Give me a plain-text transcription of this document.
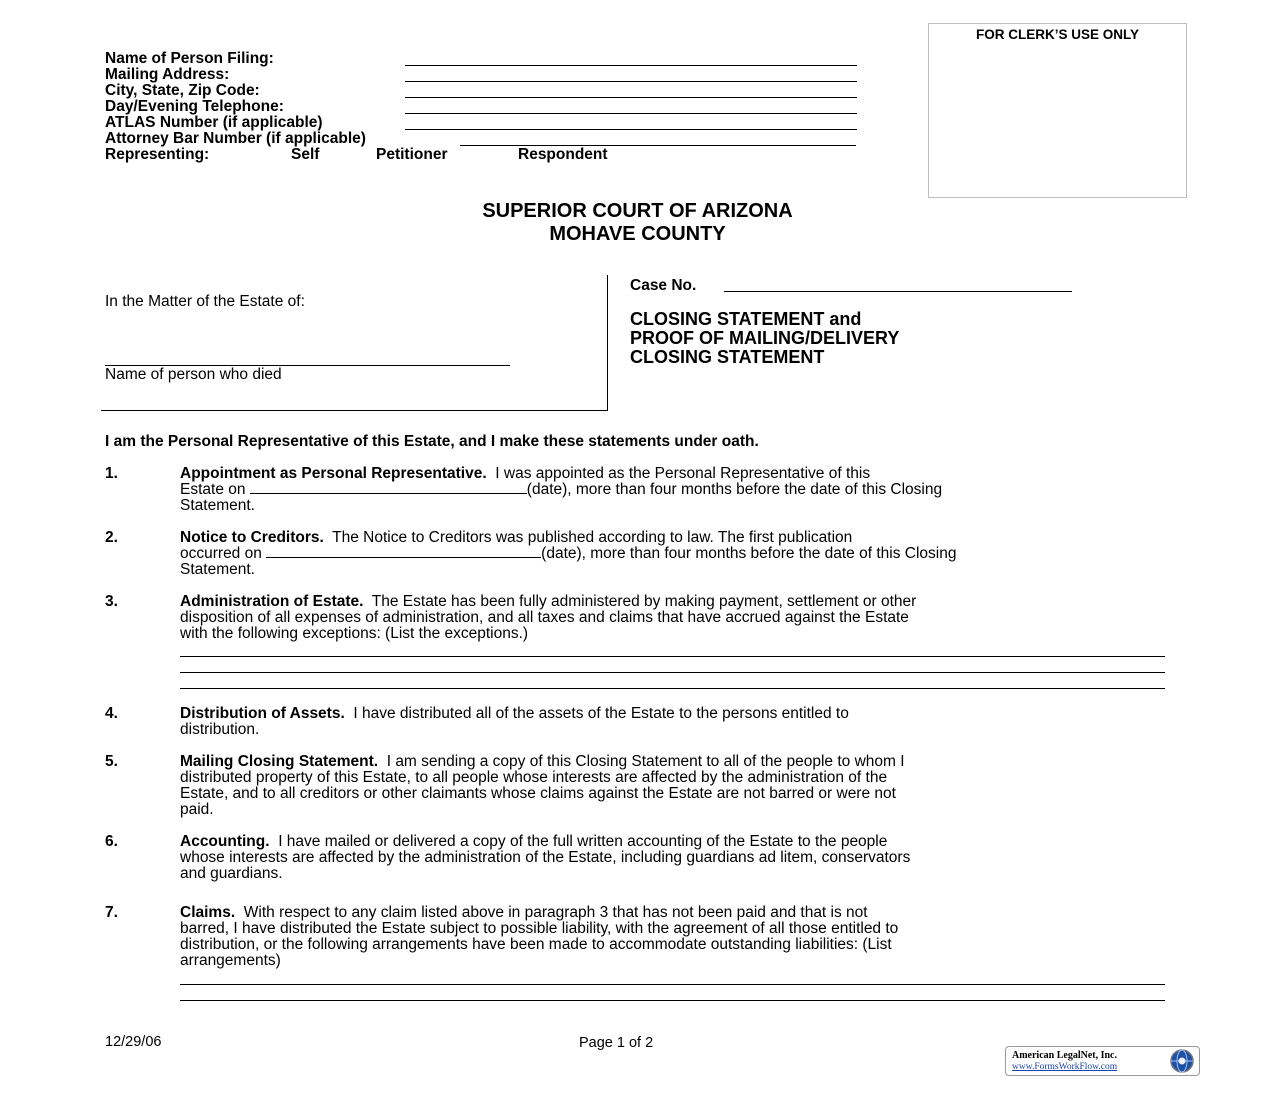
Name of Person Filing:
Mailing Address:
City, State, Zip Code:
Day/Evening Telephone:
ATLAS Number (if applicable)
Attorney Bar Number (if applicable)
Representing:	Self	Petitioner	Respondent
FOR CLERK’S USE ONLY
SUPERIOR COURT OF ARIZONA
MOHAVE COUNTY
In the Matter of the Estate of:
Name of person who died
Case No.
CLOSING STATEMENT and
PROOF OF MAILING/DELIVERY
CLOSING STATEMENT
I am the Personal Representative of this Estate, and I make these statements under oath.
1.	Appointment as Personal Representative. I was appointed as the Personal Representative of this
Estate on	(date), more than four months before the date of this Closing
Statement.
2.	Notice to Creditors. The Notice to Creditors was published according to law. The first publication
occurred on	(date), more than four months before the date of this Closing
Statement.
3.	Administration of Estate. The Estate has been fully administered by making payment, settlement or other
disposition of all expenses of administration, and all taxes and claims that have accrued against the Estate
with the following exceptions: (List the exceptions.)
4.	Distribution of Assets. I have distributed all of the assets of the Estate to the persons entitled to
distribution.
5.	Mailing Closing Statement. I am sending a copy of this Closing Statement to all of the people to whom I
distributed property of this Estate, to all people whose interests are affected by the administration of the
Estate, and to all creditors or other claimants whose claims against the Estate are not barred or were not
paid.
6.	Accounting. I have mailed or delivered a copy of the full written accounting of the Estate to the people
whose interests are affected by the administration of the Estate, including guardians ad litem, conservators
and guardians.
7.	Claims. With respect to any claim listed above in paragraph 3 that has not been paid and that is not
barred, I have distributed the Estate subject to possible liability, with the agreement of all those entitled to
distribution, or the following arrangements have been made to accommodate outstanding liabilities: (List
arrangements)
12/29/06	Page 1 of 2
American LegalNet, Inc.
www.FormsWorkFlow.com
